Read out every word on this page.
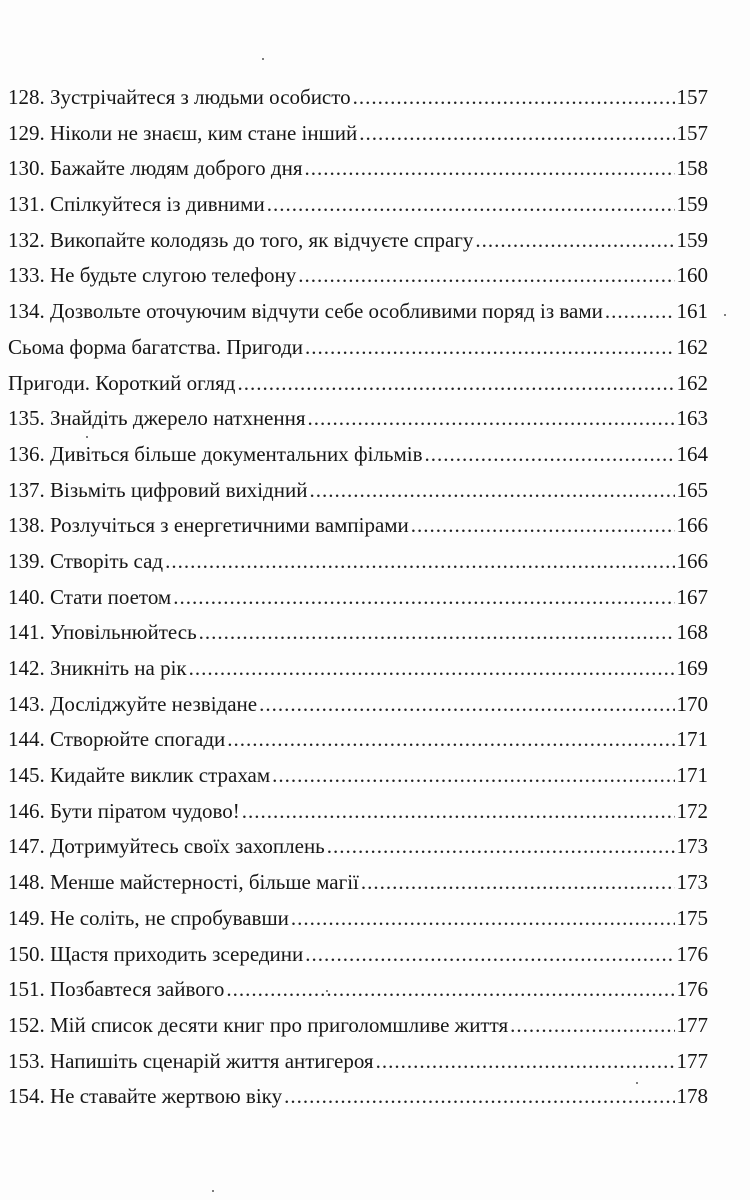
128. Зустрічайтеся з людьми особисто .....	157
129. Ніколи не знаєш, ким стане інший .....	157
130. Бажайте людям доброго дня .....	158
131. Спілкуйтеся із дивними .....	159
132. Викопайте колодязь до того, як відчуєте спрагу .....	159
133. Не будьте слугою телефону .....	160
134. Дозвольте оточуючим відчути себе особливими поряд із вами .....	161
Сьома форма багатства. Пригоди .....	162
Пригоди. Короткий огляд .....	162
135. Знайдіть джерело натхнення .....	163
136. Дивіться більше документальних фільмів .....	164
137. Візьміть цифровий вихідний .....	165
138. Розлучіться з енергетичними вампірами .....	166
139. Створіть сад .....	166
140. Стати поетом .....	167
141. Уповільнюйтесь .....	168
142. Зникніть на рік .....	169
143. Досліджуйте незвідане .....	170
144. Створюйте спогади .....	171
145. Кидайте виклик страхам .....	171
146. Бути піратом чудово! .....	172
147. Дотримуйтесь своїх захоплень .....	173
148. Менше майстерності, більше магії .....	173
149. Не соліть, не спробувавши .....	175
150. Щастя приходить зсередини .....	176
151. Позбавтеся зайвого .....	176
152. Мій список десяти книг про приголомшливе життя .....	177
153. Напишіть сценарій життя антигероя .....	177
154. Не ставайте жертвою віку .....	178
